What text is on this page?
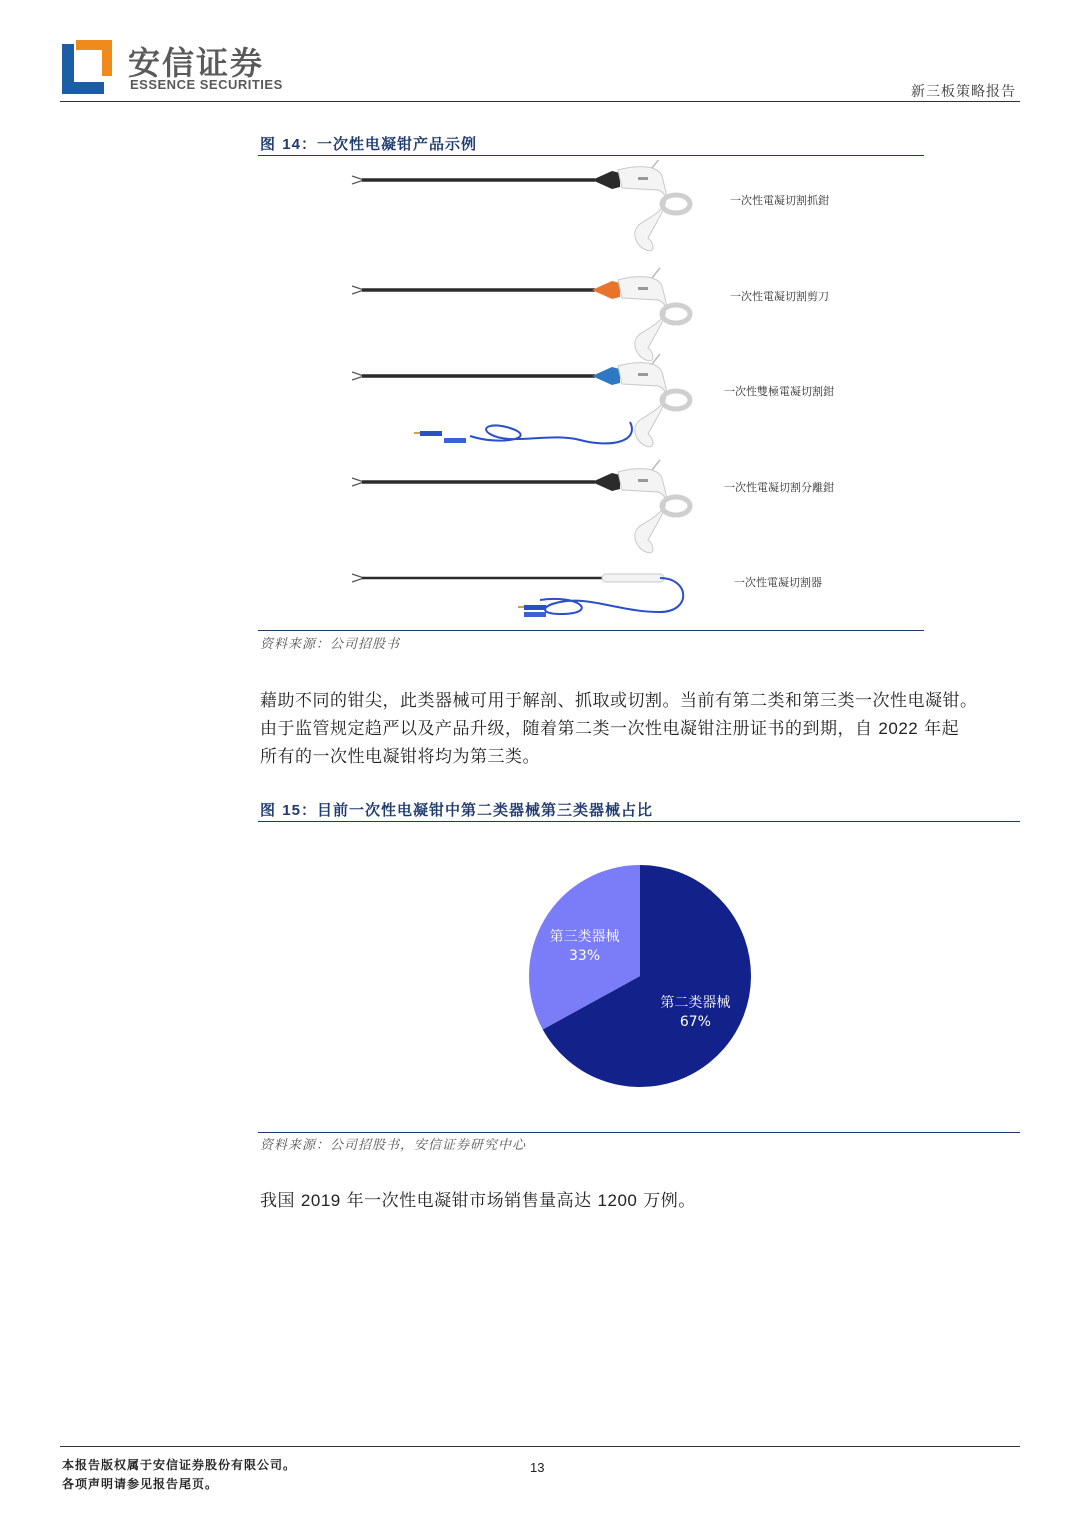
安信证券
ESSENCE SECURITIES	新三板策略报告
图 14：一次性电凝钳产品示例
一次性電凝切割抓鉗
一次性電凝切割剪刀
一次性雙極電凝切割鉗
一次性電凝切割分離鉗
一次性電凝切割器
资料来源：公司招股书
藉助不同的钳尖，此类器械可用于解剖、抓取或切割。当前有第二类和第三类一次性电凝钳。
由于监管规定趋严以及产品升级，随着第二类一次性电凝钳注册证书的到期，自 2022 年起
所有的一次性电凝钳将均为第三类。
图 15：目前一次性电凝钳中第二类器械第三类器械占比
第二类器械
67%
第三类器械
33%
资料来源：公司招股书，安信证券研究中心
我国 2019 年一次性电凝钳市场销售量高达 1200 万例。
本报告版权属于安信证券股份有限公司。
各项声明请参见报告尾页。
13
